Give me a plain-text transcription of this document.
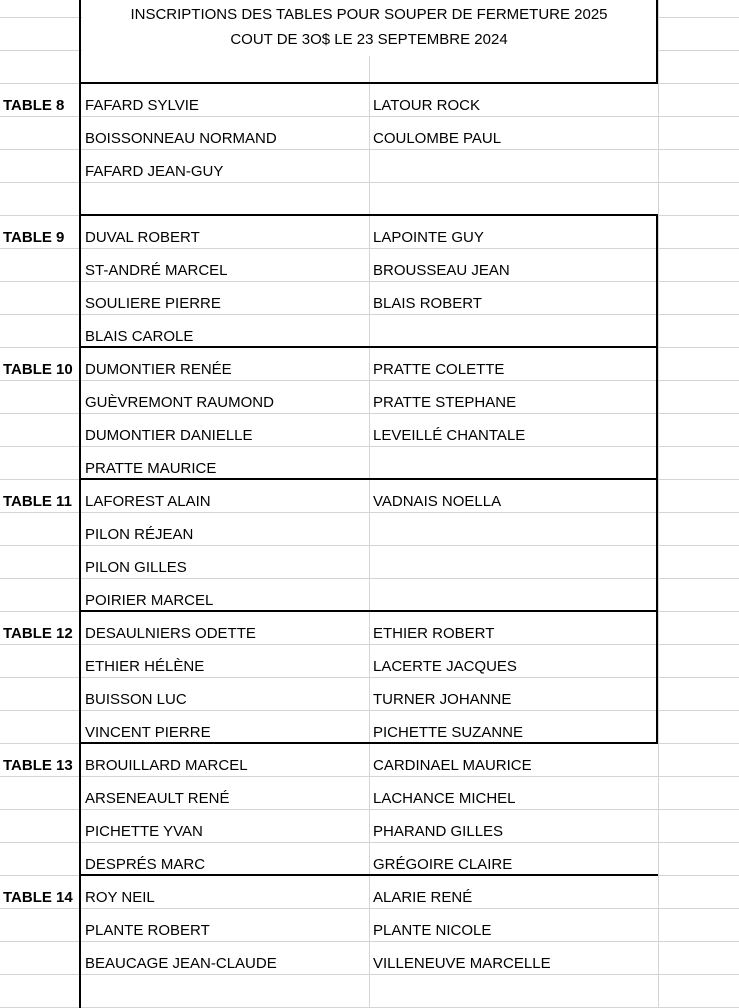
INSCRIPTIONS DES TABLES POUR SOUPER DE FERMETURE 2025
COUT DE 3O$ LE 23 SEPTEMBRE 2024
TABLE 8	FAFARD SYLVIE	LATOUR ROCK
BOISSONNEAU NORMAND	COULOMBE PAUL
FAFARD JEAN-GUY
TABLE 9	DUVAL ROBERT	LAPOINTE GUY
ST-ANDRÉ MARCEL	BROUSSEAU JEAN
SOULIERE PIERRE	BLAIS ROBERT
BLAIS CAROLE
TABLE 10 DUMONTIER RENÉE	PRATTE COLETTE
GUÈVREMONT RAUMOND	PRATTE STEPHANE
DUMONTIER DANIELLE	LEVEILLÉ CHANTALE
PRATTE MAURICE
TABLE 11 LAFOREST ALAIN	VADNAIS NOELLA
PILON RÉJEAN
PILON GILLES
POIRIER MARCEL
TABLE 12 DESAULNIERS ODETTE	ETHIER ROBERT
ETHIER HÉLÈNE	LACERTE JACQUES
BUISSON LUC	TURNER JOHANNE
VINCENT PIERRE	PICHETTE SUZANNE
TABLE 13 BROUILLARD MARCEL	CARDINAEL MAURICE
ARSENEAULT RENÉ	LACHANCE MICHEL
PICHETTE YVAN	PHARAND GILLES
DESPRÉS MARC	GRÉGOIRE CLAIRE
TABLE 14 ROY NEIL	ALARIE RENÉ
PLANTE ROBERT	PLANTE NICOLE
BEAUCAGE JEAN-CLAUDE	VILLENEUVE MARCELLE
